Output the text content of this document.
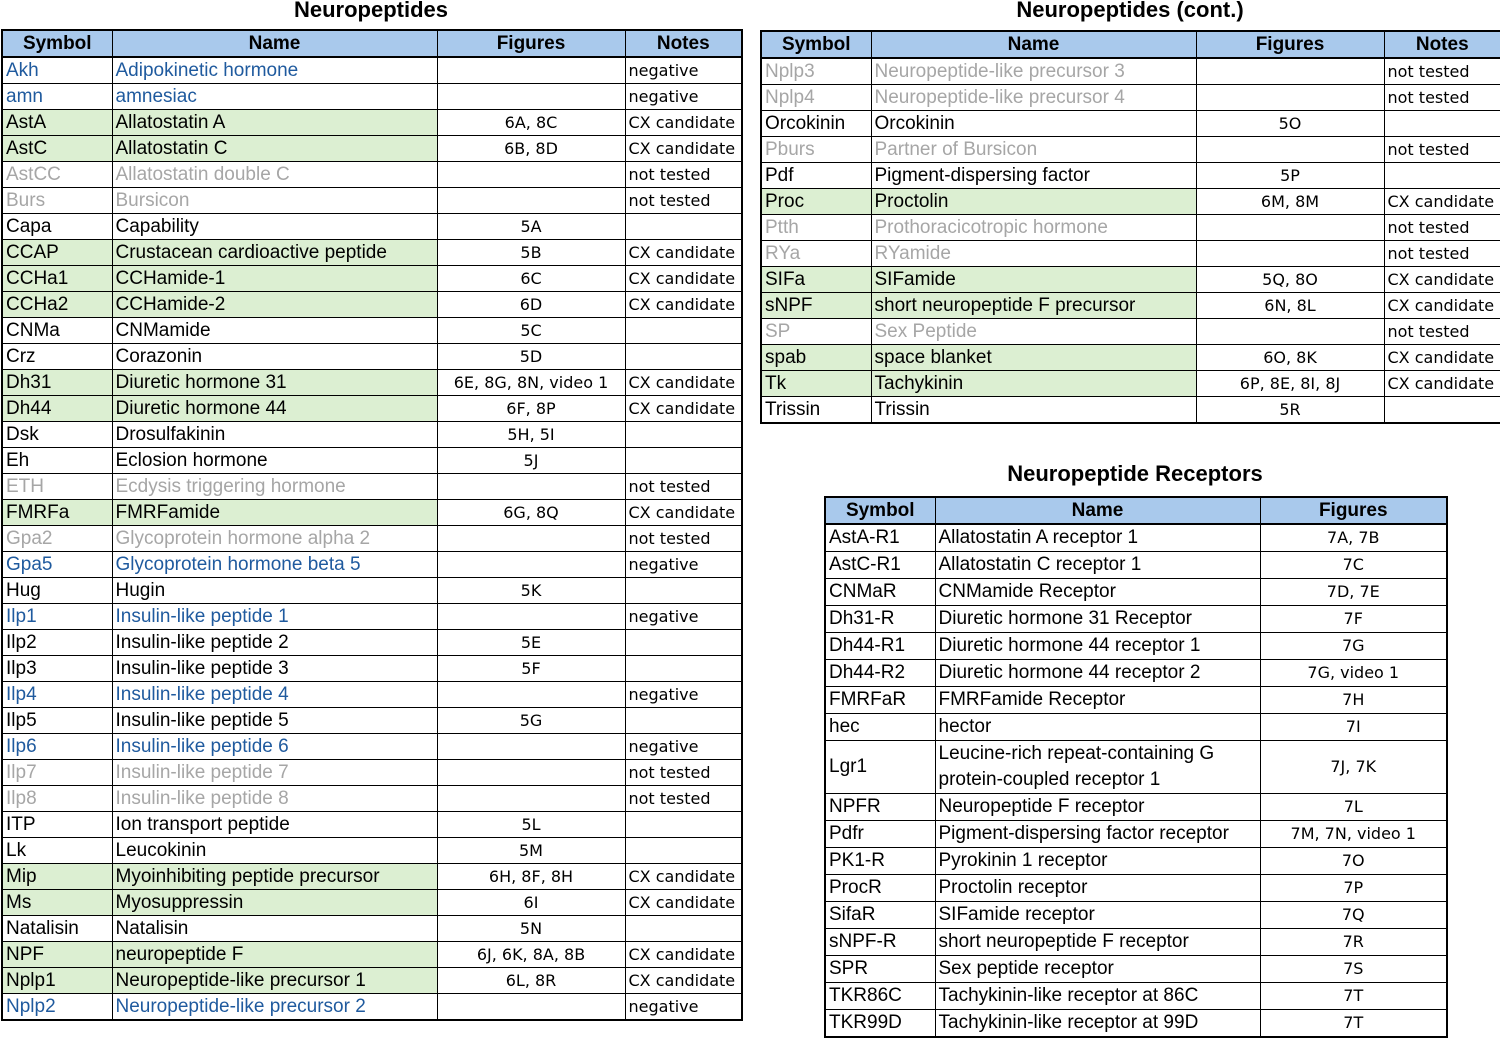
Neuropeptides
Symbol	Name	Figures	Notes
Akh	Adipokinetic hormone		negative
amn	amnesiac		negative
AstA	Allatostatin A	6A, 8C	CX candidate
AstC	Allatostatin C	6B, 8D	CX candidate
AstCC	Allatostatin double C		not tested
Burs	Bursicon		not tested
Capa	Capability	5A	
CCAP	Crustacean cardioactive peptide	5B	CX candidate
CCHa1	CCHamide-1	6C	CX candidate
CCHa2	CCHamide-2	6D	CX candidate
CNMa	CNMamide	5C	
Crz	Corazonin	5D	
Dh31	Diuretic hormone 31	6E, 8G, 8N, video 1	CX candidate
Dh44	Diuretic hormone 44	6F, 8P	CX candidate
Dsk	Drosulfakinin	5H, 5I	
Eh	Eclosion hormone	5J	
ETH	Ecdysis triggering hormone		not tested
FMRFa	FMRFamide	6G, 8Q	CX candidate
Gpa2	Glycoprotein hormone alpha 2		not tested
Gpa5	Glycoprotein hormone beta 5		negative
Hug	Hugin	5K	
Ilp1	Insulin-like peptide 1		negative
Ilp2	Insulin-like peptide 2	5E	
Ilp3	Insulin-like peptide 3	5F	
Ilp4	Insulin-like peptide 4		negative
Ilp5	Insulin-like peptide 5	5G	
Ilp6	Insulin-like peptide 6		negative
Ilp7	Insulin-like peptide 7		not tested
Ilp8	Insulin-like peptide 8		not tested
ITP	Ion transport peptide	5L	
Lk	Leucokinin	5M	
Mip	Myoinhibiting peptide precursor	6H, 8F, 8H	CX candidate
Ms	Myosuppressin	6I	CX candidate
Natalisin	Natalisin	5N	
NPF	neuropeptide F	6J, 6K, 8A, 8B	CX candidate
Nplp1	Neuropeptide-like precursor 1	6L, 8R	CX candidate
Nplp2	Neuropeptide-like precursor 2		negative
Neuropeptides (cont.)
Symbol	Name	Figures	Notes
Nplp3	Neuropeptide-like precursor 3		not tested
Nplp4	Neuropeptide-like precursor 4		not tested
Orcokinin	Orcokinin	5O	
Pburs	Partner of Bursicon		not tested
Pdf	Pigment-dispersing factor	5P	
Proc	Proctolin	6M, 8M	CX candidate
Ptth	Prothoracicotropic hormone		not tested
RYa	RYamide		not tested
SIFa	SIFamide	5Q, 8O	CX candidate
sNPF	short neuropeptide F precursor	6N, 8L	CX candidate
SP	Sex Peptide		not tested
spab	space blanket	6O, 8K	CX candidate
Tk	Tachykinin	6P, 8E, 8I, 8J	CX candidate
Trissin	Trissin	5R	
Neuropeptide Receptors
Symbol	Name	Figures
AstA-R1	Allatostatin A receptor 1	7A, 7B
AstC-R1	Allatostatin C receptor 1	7C
CNMaR	CNMamide Receptor	7D, 7E
Dh31-R	Diuretic hormone 31 Receptor	7F
Dh44-R1	Diuretic hormone 44 receptor 1	7G
Dh44-R2	Diuretic hormone 44 receptor 2	7G, video 1
FMRFaR	FMRFamide Receptor	7H
hec	hector	7I
Lgr1	Leucine-rich repeat-containing G protein-coupled receptor 1	7J, 7K
NPFR	Neuropeptide F receptor	7L
Pdfr	Pigment-dispersing factor receptor	7M, 7N, video 1
PK1-R	Pyrokinin 1 receptor	7O
ProcR	Proctolin receptor	7P
SifaR	SIFamide receptor	7Q
sNPF-R	short neuropeptide F receptor	7R
SPR	Sex peptide receptor	7S
TKR86C	Tachykinin-like receptor at 86C	7T
TKR99D	Tachykinin-like receptor at 99D	7T
